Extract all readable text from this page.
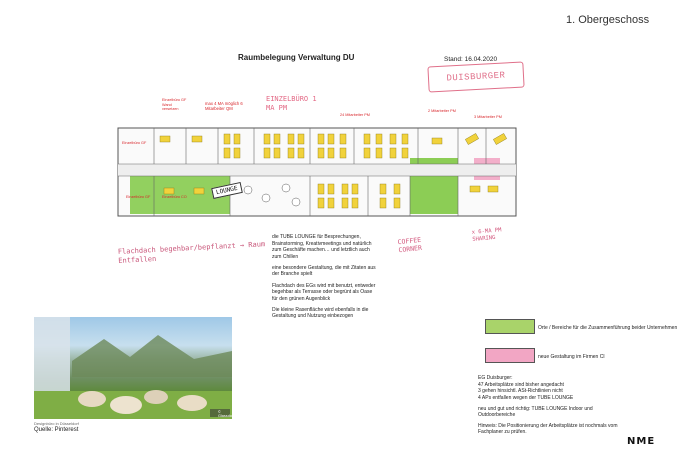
1. Obergeschoss
Raumbelegung Verwaltung DU	Stand: 16.04.2020
DUISBURGER
Einzelbüro GF Wand versetzen
max 4 MA möglich 6 Mitarbeiter QM
EINZELBÜRO 1 MA PM
24 Mitarbeiter PM
2 Mitarbeiter PM
3 Mitarbeiter PM
Einzelbüro GF
Einzelbüro GF	Einzelbüro CO
LOUNGE
Flachdach begehbar/bepflanzt → Raum Entfallen
COFFEE CORNER
x 6-MA PM SHARING

die TUBE LOUNGE für Besprechungen, Brainstorming, Kreativmeetings und natürlich zum Geschäfte machen… und letztlich auch zum Chillen

eine besondere Gestaltung, die mit Zitaten aus der Branche spielt

Flachdach des EGs wird mit benutzt, entweder begehbar als Terrasse oder begrünt als Oase für den grünen Augenblick

Die kleine Rasenfläche wird ebenfalls in die Gestaltung und Nutzung einbezogen

© Glassdoor
Designbüro in Düsseldorf
Quelle: Pinterest
Orte / Bereiche für die Zusammenführung beider Unternehmen
neue Gestaltung im Firmen CI
EG Duisburger:
47 Arbeitsplätze sind bisher angedacht
3 gehen hinsichtl. ASt-Richtlinien nicht
4 APs entfallen wegen der TUBE LOUNGE

neu und gut und richtig: TUBE LOUNGE Indoor und Outdoorbereiche

Hinweis: Die Positionierung der Arbeitsplätze ist nochmals vom Fachplaner zu prüfen.

NME
